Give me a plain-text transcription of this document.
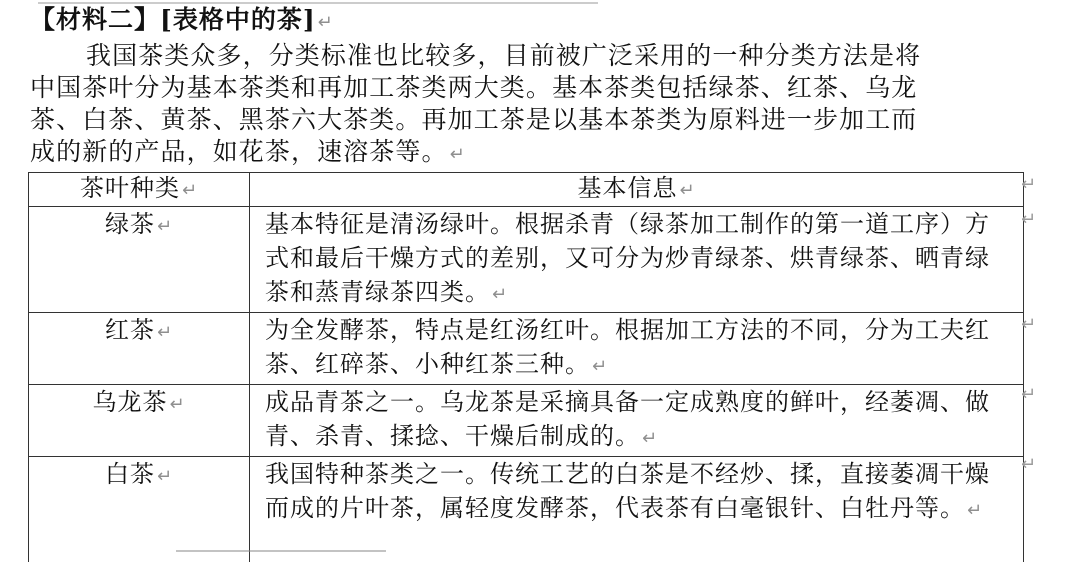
【材料二】[表格中的茶] ↵
我国茶类众多，分类标准也比较多，目前被广泛采用的一种分类方法是将
中国茶叶分为基本茶类和再加工茶类两大类。基本茶类包括绿茶、红茶、乌龙
茶、白茶、黄茶、黑茶六大茶类。再加工茶是以基本茶类为原料进一步加工而
成的新的产品，如花茶，速溶茶等。 ↵
茶叶种类 ↵	基本信息 ↵
绿茶 ↵	基本特征是清汤绿叶。根据杀青（绿茶加工制作的第一道工序）方式和最后干燥方式的差别，又可分为炒青绿茶、烘青绿茶、晒青绿茶和蒸青绿茶四类。 ↵
红茶 ↵	为全发酵茶，特点是红汤红叶。根据加工方法的不同，分为工夫红茶、红碎茶、小种红茶三种。 ↵
乌龙茶 ↵	成品青茶之一。乌龙茶是采摘具备一定成熟度的鲜叶，经萎凋、做青、杀青、揉捻、干燥后制成的。 ↵
白茶 ↵	我国特种茶类之一。传统工艺的白茶是不经炒、揉，直接萎凋干燥而成的片叶茶，属轻度发酵茶，代表茶有白毫银针、白牡丹等。 ↵
↵
↵
↵
↵
↵
